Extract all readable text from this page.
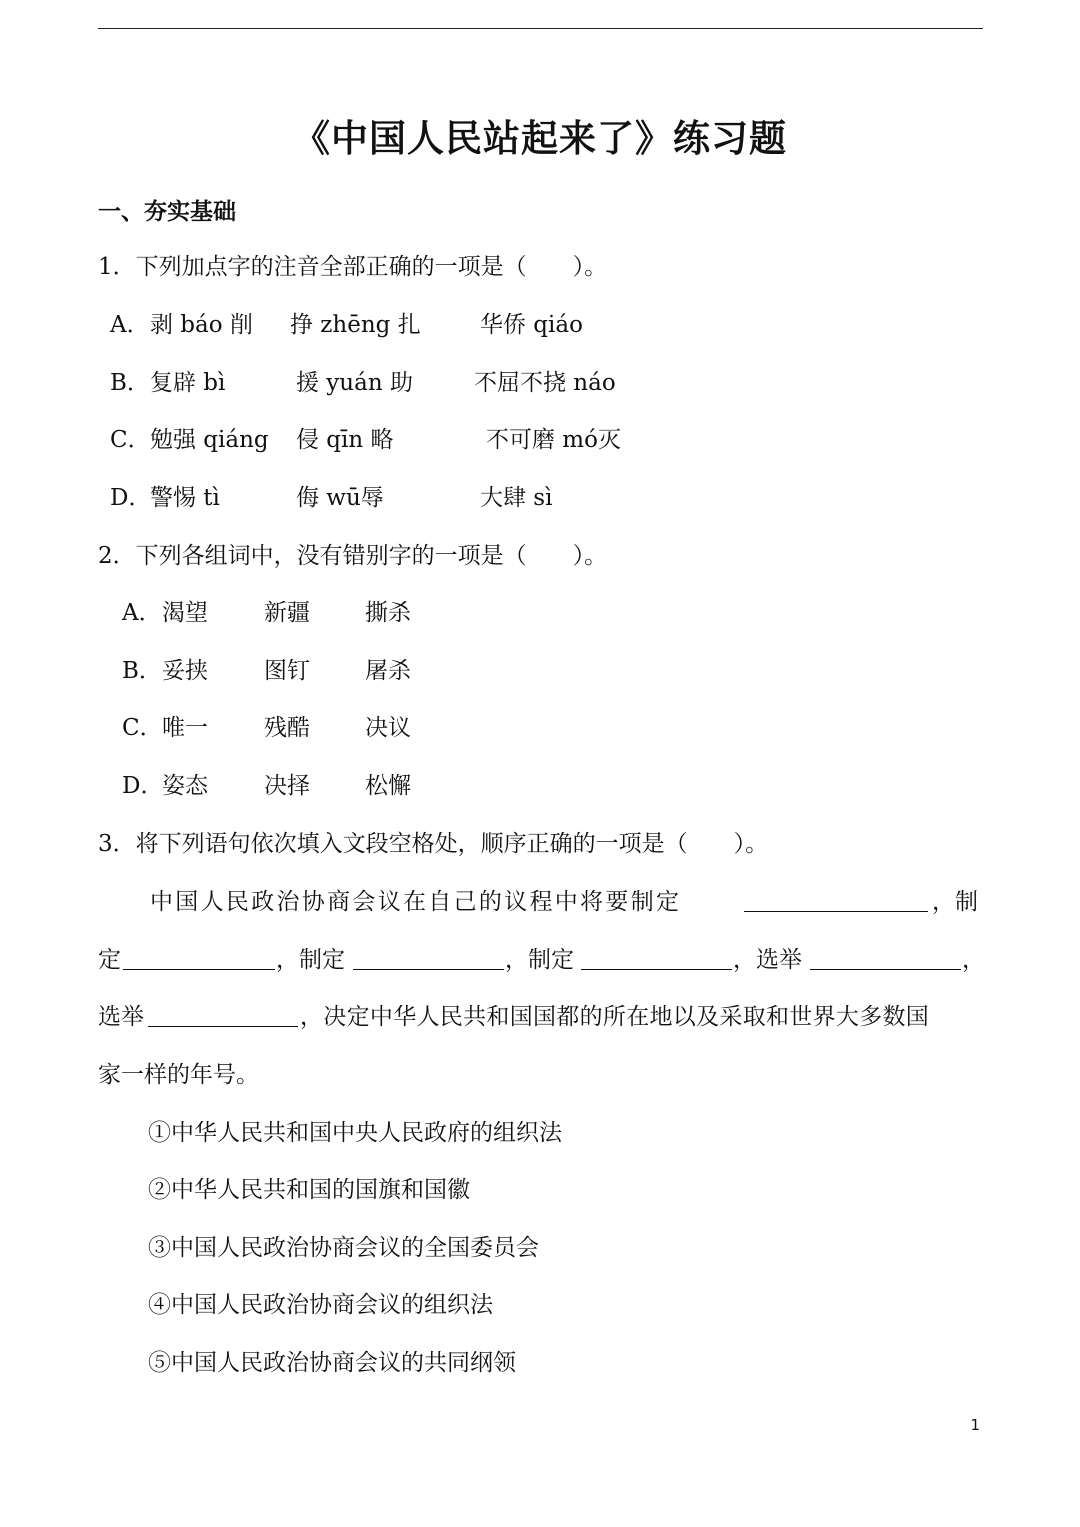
《中国人民站起来了》练习题
一、夯实基础
1．下列加点字的注音全部正确的一项是（　　）。
A． 剥 báo 削 挣 zhēng 扎	华侨 qiáo
B． 复辟 bì	援 yuán 助	不屈不挠 náo
C． 勉强 qiáng 侵 qīn 略	不可磨 mó灭
D．
警惕 tì	侮 wū辱	大肆 sì
2．下列各组词中，没有错别字的一项是（　　）。
A． 渴望 新疆 撕杀
B． 妥挟 图钉 屠杀
C． 唯一 残酷 决议
D．
姿态 决择 松懈
3．将下列语句依次填入文段空格处，顺序正确的一项是（　　）。
中国人民政治协商会议在自己的议程中将要制定	，制
定	，制定	，制定	，选举	，
选举	，决定中华人民共和国国都的所在地以及采取和世界大多数国
家一样的年号。
①中华人民共和国中央人民政府的组织法
②中华人民共和国的国旗和国徽
③中国人民政治协商会议的全国委员会
④中国人民政治协商会议的组织法
⑤中国人民政治协商会议的共同纲领
1
